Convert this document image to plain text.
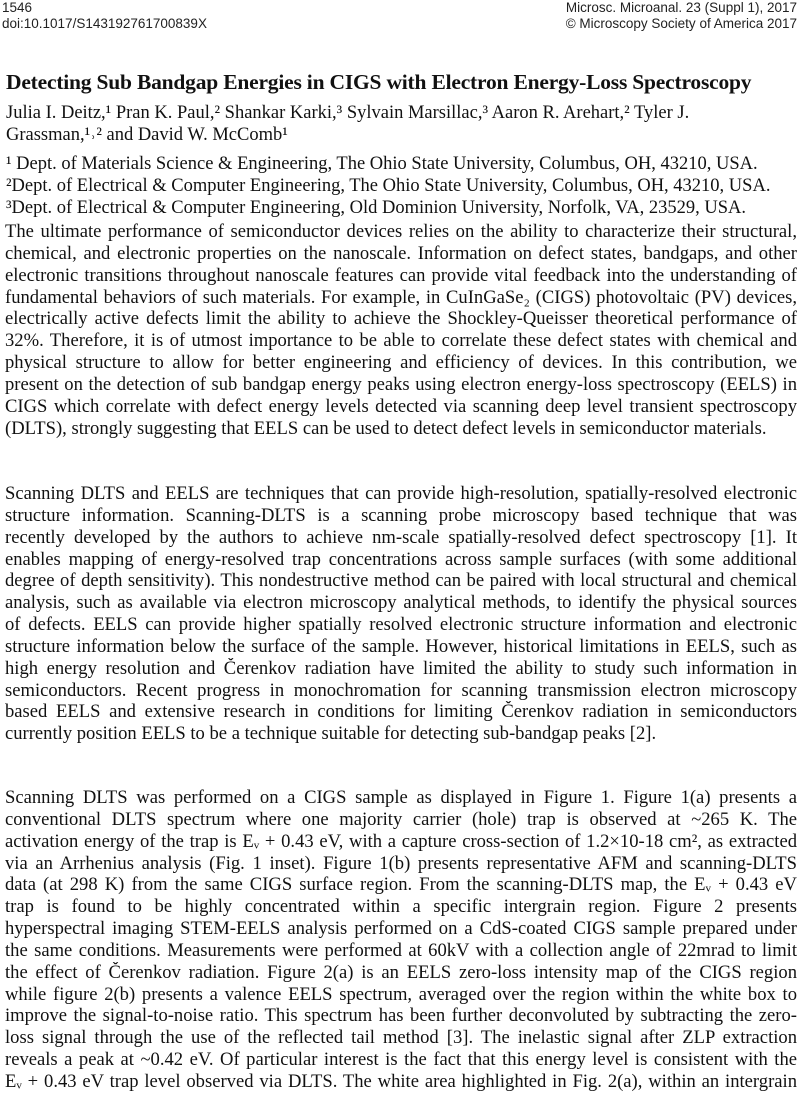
1546
doi:10.1017/S143192761700839X
Microsc. Microanal. 23 (Suppl 1), 2017
© Microscopy Society of America 2017
Detecting Sub Bandgap Energies in CIGS with Electron Energy-Loss Spectroscopy
Julia I. Deitz,¹ Pran K. Paul,² Shankar Karki,³ Sylvain Marsillac,³ Aaron R. Arehart,² Tyler J.
Grassman,¹˒² and David W. McComb¹
¹ Dept. of Materials Science & Engineering, The Ohio State University, Columbus, OH, 43210, USA.
²Dept. of Electrical & Computer Engineering, The Ohio State University, Columbus, OH, 43210, USA.
³Dept. of Electrical & Computer Engineering, Old Dominion University, Norfolk, VA, 23529, USA.
The ultimate performance of semiconductor devices relies on the ability to characterize their structural,
chemical, and electronic properties on the nanoscale. Information on defect states, bandgaps, and other
electronic transitions throughout nanoscale features can provide vital feedback into the understanding of
fundamental behaviors of such materials. For example, in CuInGaSe₂ (CIGS) photovoltaic (PV) devices,
electrically active defects limit the ability to achieve the Shockley-Queisser theoretical performance of
32%. Therefore, it is of utmost importance to be able to correlate these defect states with chemical and
physical structure to allow for better engineering and efficiency of devices. In this contribution, we
present on the detection of sub bandgap energy peaks using electron energy-loss spectroscopy (EELS) in
CIGS which correlate with defect energy levels detected via scanning deep level transient spectroscopy
(DLTS), strongly suggesting that EELS can be used to detect defect levels in semiconductor materials.
Scanning DLTS and EELS are techniques that can provide high-resolution, spatially-resolved electronic
structure information. Scanning-DLTS is a scanning probe microscopy based technique that was
recently developed by the authors to achieve nm-scale spatially-resolved defect spectroscopy [1]. It
enables mapping of energy-resolved trap concentrations across sample surfaces (with some additional
degree of depth sensitivity). This nondestructive method can be paired with local structural and chemical
analysis, such as available via electron microscopy analytical methods, to identify the physical sources
of defects. EELS can provide higher spatially resolved electronic structure information and electronic
structure information below the surface of the sample. However, historical limitations in EELS, such as
high energy resolution and Čerenkov radiation have limited the ability to study such information in
semiconductors. Recent progress in monochromation for scanning transmission electron microscopy
based EELS and extensive research in conditions for limiting Čerenkov radiation in semiconductors
currently position EELS to be a technique suitable for detecting sub-bandgap peaks [2].
Scanning DLTS was performed on a CIGS sample as displayed in Figure 1. Figure 1(a) presents a
conventional DLTS spectrum where one majority carrier (hole) trap is observed at ~265 K. The
activation energy of the trap is Eᵥ + 0.43 eV, with a capture cross-section of 1.2×10-18 cm², as extracted
via an Arrhenius analysis (Fig. 1 inset). Figure 1(b) presents representative AFM and scanning-DLTS
data (at 298 K) from the same CIGS surface region. From the scanning-DLTS map, the Eᵥ + 0.43 eV
trap is found to be highly concentrated within a specific intergrain region. Figure 2 presents
hyperspectral imaging STEM-EELS analysis performed on a CdS-coated CIGS sample prepared under
the same conditions. Measurements were performed at 60kV with a collection angle of 22mrad to limit
the effect of Čerenkov radiation. Figure 2(a) is an EELS zero-loss intensity map of the CIGS region
while figure 2(b) presents a valence EELS spectrum, averaged over the region within the white box to
improve the signal-to-noise ratio. This spectrum has been further deconvoluted by subtracting the zero-
loss signal through the use of the reflected tail method [3]. The inelastic signal after ZLP extraction
reveals a peak at ~0.42 eV. Of particular interest is the fact that this energy level is consistent with the
Eᵥ + 0.43 eV trap level observed via DLTS. The white area highlighted in Fig. 2(a), within an intergrain
